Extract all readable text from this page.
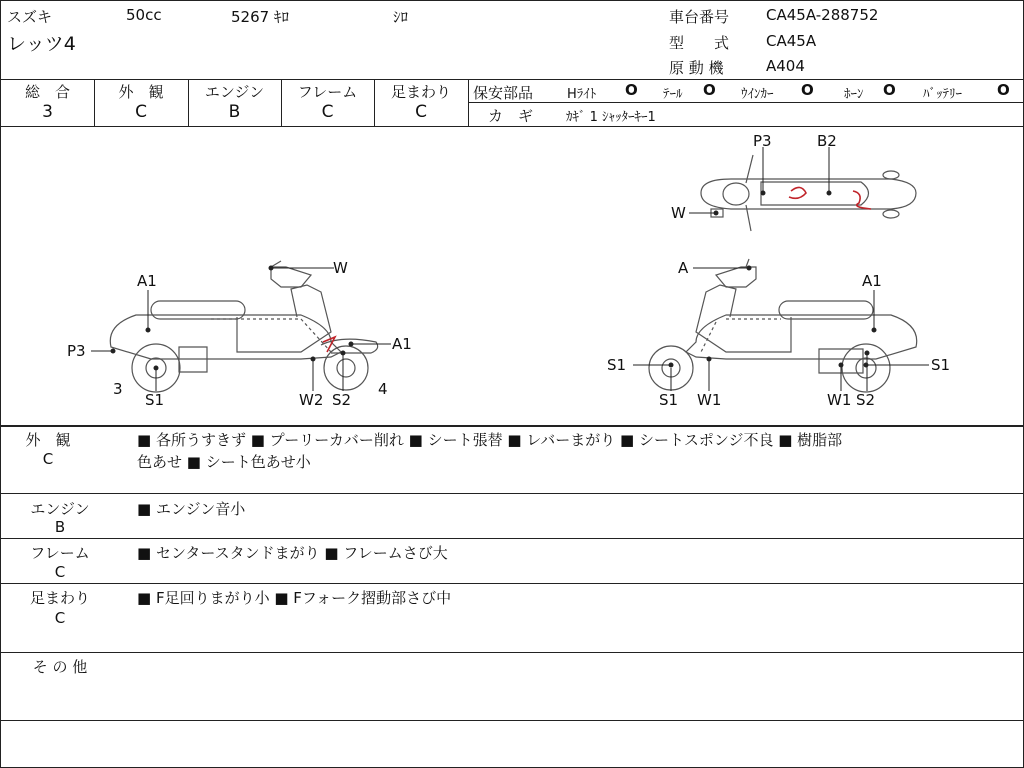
スズキ	50cc	5267 ｷﾛ	ｼﾛ
レッツ4
車台番号 CA45A-288752
型　　式 CA45A
原 動 機	A404
総　合
3
外　観
C
エンジン
B
フレーム
C
足まわり
C
保安部品	Hﾗｲﾄ O ﾃｰﾙ O ｳｲﾝｶｰ O ﾎｰﾝ O ﾊﾞｯﾃﾘｰ O
カ　ギ	ｶｷﾞ 1 ｼｬｯﾀｰｷｰ1
A1
W
P3	A1
3
S1	W2 S2
4
A
A1
S1	S1
S1 W1	W1 S2
P3	B2
W
外　観
C
■ 各所うすきず ■ プーリーカバー削れ ■ シート張替 ■ レバーまがり ■ シートスポンジ不良 ■ 樹脂部
色あせ ■ シート色あせ小
エンジン
B
■ エンジン音小
フレーム
C
■ センタースタンドまがり ■ フレームさび大
足まわり
C
■ F足回りまがり小 ■ Fフォーク摺動部さび中
そ の 他
